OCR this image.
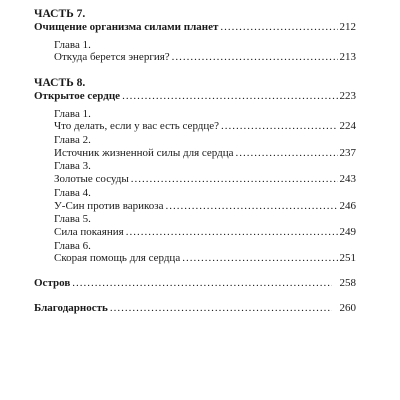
ЧАСТЬ 7.
Очищение организма силами планет .....	212
Глава 1.
Откуда берется энергия? .....	213
ЧАСТЬ 8.
Открытое сердце .....	223
Глава 1.
Что делать, если у вас есть сердце? .....	224
Глава 2.
Источник жизненной силы для сердца .....	237
Глава 3.
Золотые сосуды .....	243
Глава 4.
У-Син против варикоза .....	246
Глава 5.
Сила покаяния .....	249
Глава 6.
Скорая помощь для сердца .....	251
Остров .....	258
Благодарность .....	260
